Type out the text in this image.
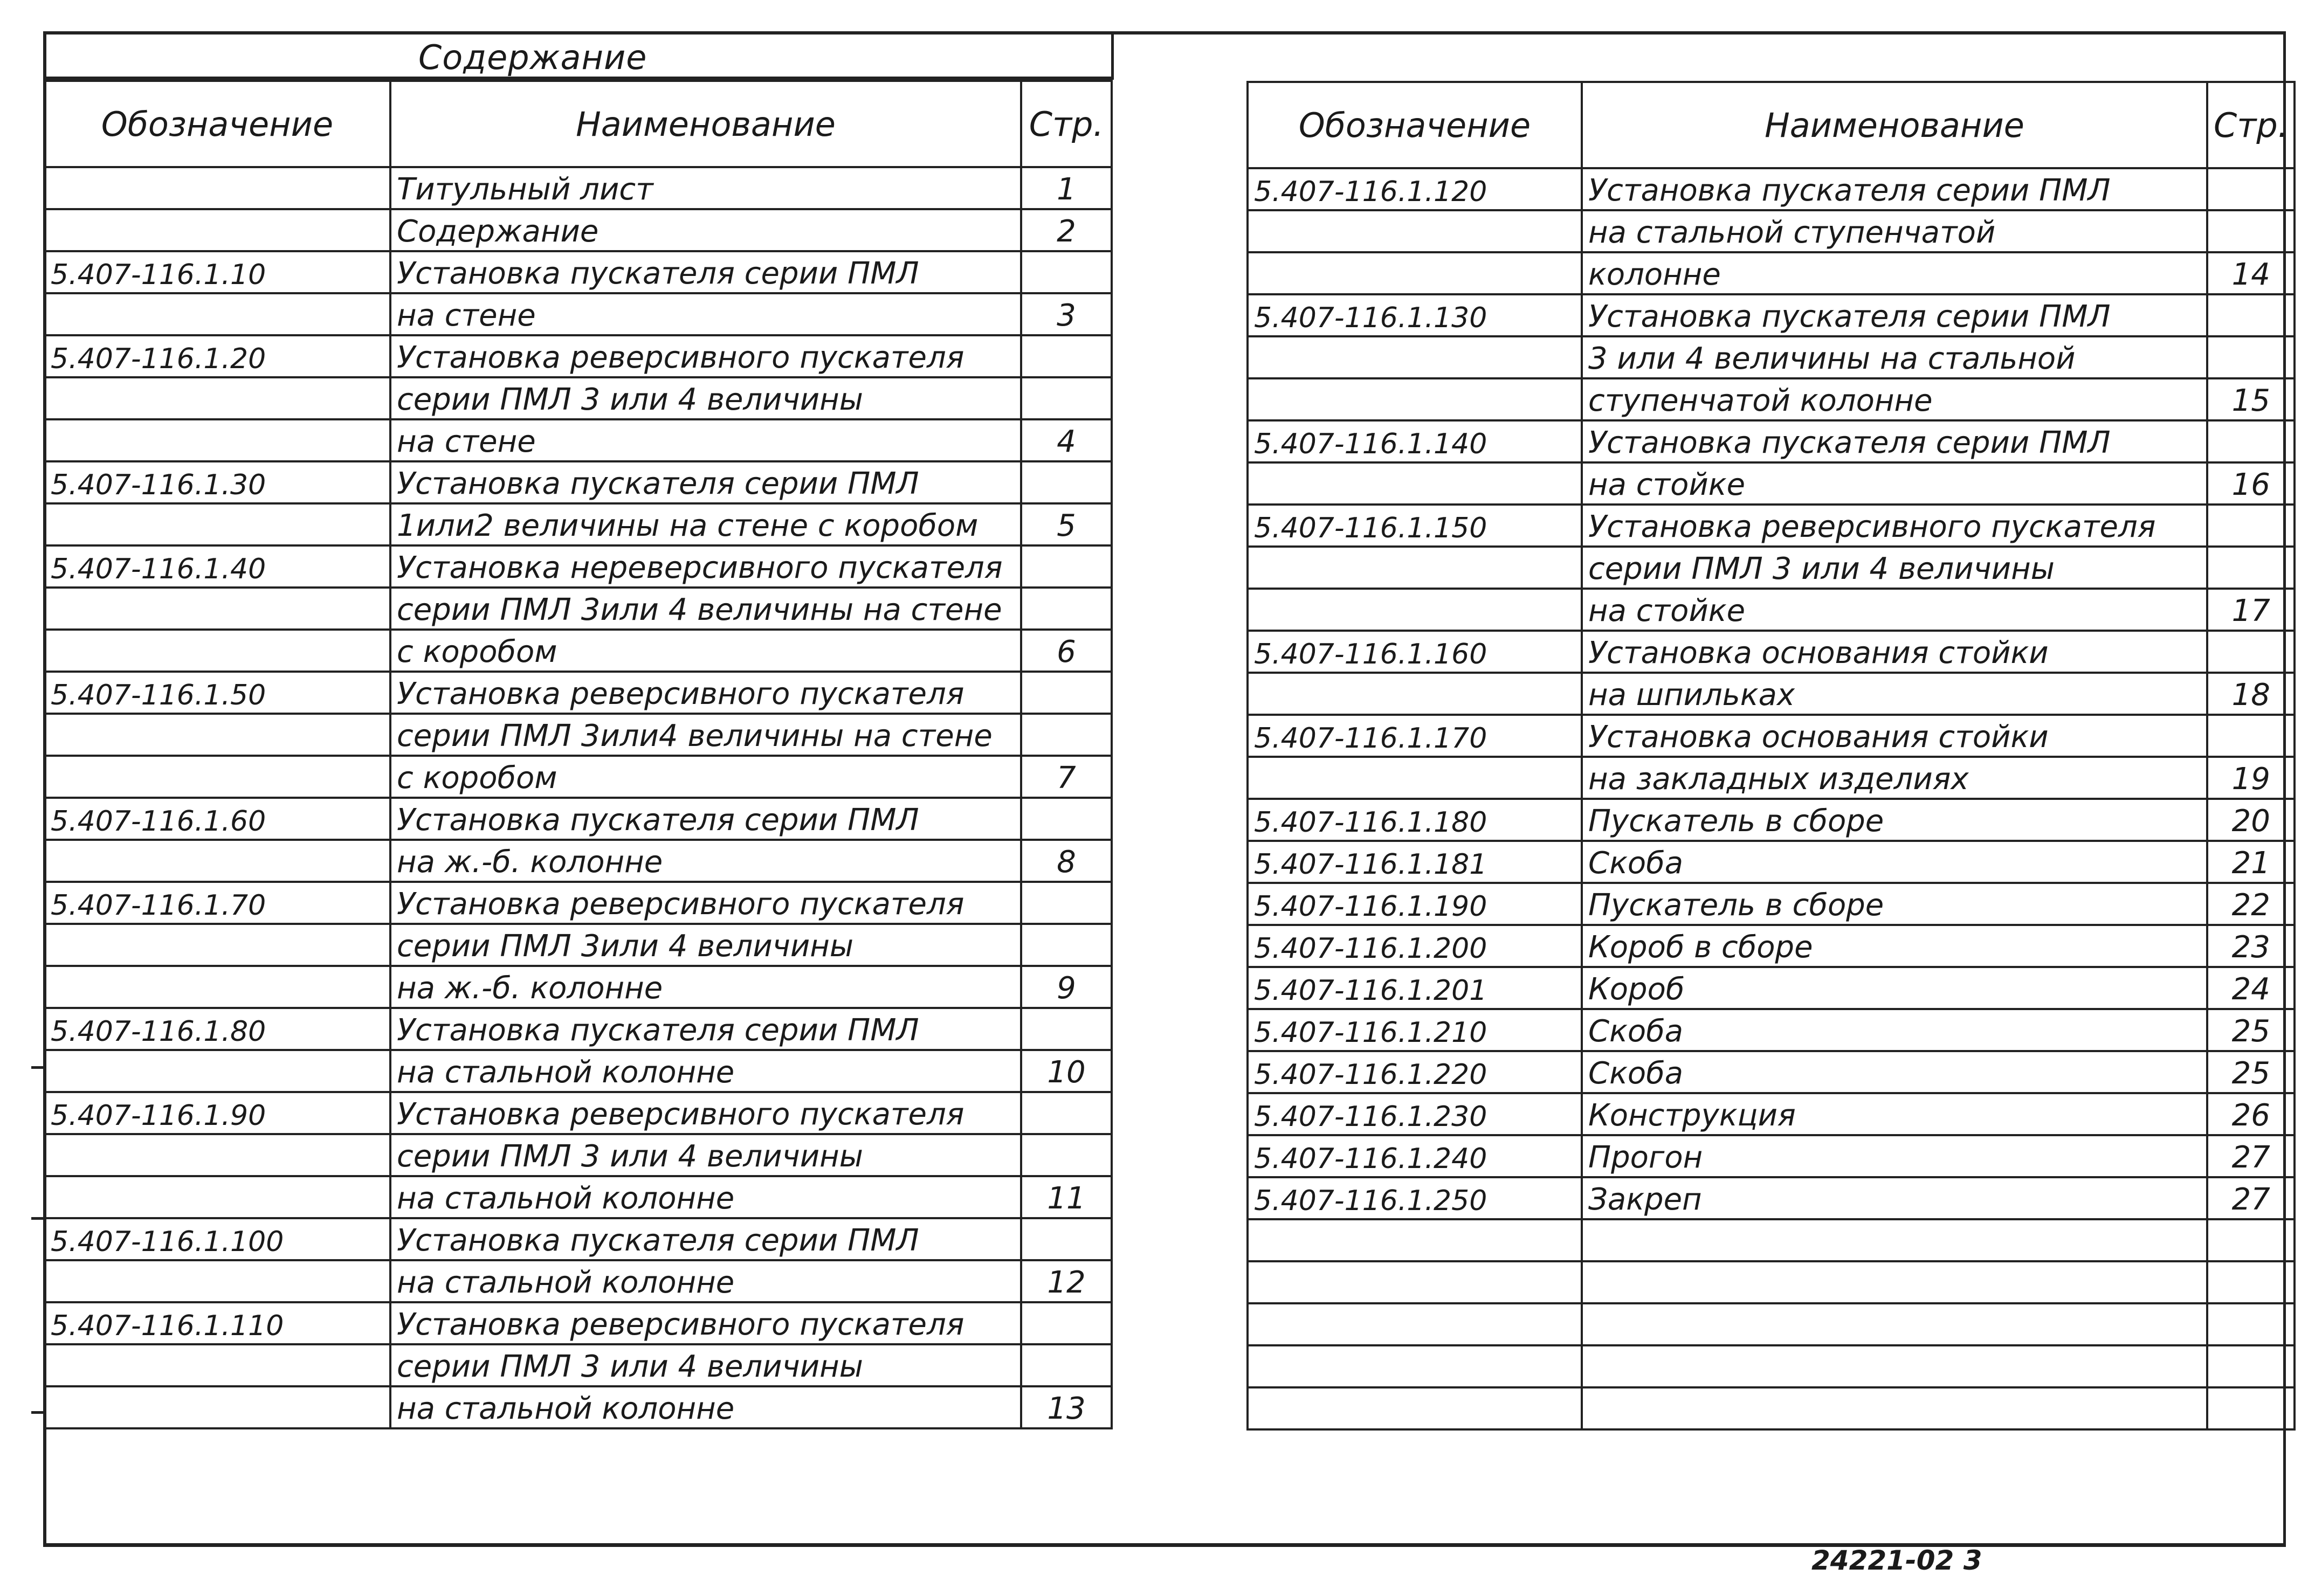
Содержание
Обозначение	Наименование	Стр.
	Титульный лист	1
	Содержание	2
5.407-116.1.10	Установка пускателя серии ПМЛ	
	на стене	3
5.407-116.1.20	Установка реверсивного пускателя	
	серии ПМЛ 3 или 4 величины	
	на стене	4
5.407-116.1.30	Установка пускателя серии ПМЛ	
	1или2 величины на стене с коробом	5
5.407-116.1.40	Установка нереверсивного пускателя	
	серии ПМЛ 3или 4 величины на стене	
	с коробом	6
5.407-116.1.50	Установка реверсивного пускателя	
	серии ПМЛ 3или4 величины на стене	
	с коробом	7
5.407-116.1.60	Установка пускателя серии ПМЛ	
	на ж.-б. колонне	8
5.407-116.1.70	Установка реверсивного пускателя	
	серии ПМЛ 3или 4 величины	
	на ж.-б. колонне	9
5.407-116.1.80	Установка пускателя серии ПМЛ	
	на стальной колонне	10
5.407-116.1.90	Установка реверсивного пускателя	
	серии ПМЛ 3 или 4 величины	
	на стальной колонне	11
5.407-116.1.100	Установка пускателя серии ПМЛ	
	на стальной колонне	12
5.407-116.1.110	Установка реверсивного пускателя	
	серии ПМЛ 3 или 4 величины	
	на стальной колонне	13
Обозначение	Наименование	Стр.
5.407-116.1.120	Установка пускателя серии ПМЛ	
	на стальной ступенчатой	
	колонне	14
5.407-116.1.130	Установка пускателя серии ПМЛ	
	3 или 4 величины на стальной	
	ступенчатой колонне	15
5.407-116.1.140	Установка пускателя серии ПМЛ	
	на стойке	16
5.407-116.1.150	Установка реверсивного пускателя	
	серии ПМЛ 3 или 4 величины	
	на стойке	17
5.407-116.1.160	Установка основания стойки	
	на шпильках	18
5.407-116.1.170	Установка основания стойки	
	на закладных изделиях	19
5.407-116.1.180	Пускатель в сборе	20
5.407-116.1.181	Скоба	21
5.407-116.1.190	Пускатель в сборе	22
5.407-116.1.200	Короб в сборе	23
5.407-116.1.201	Короб	24
5.407-116.1.210	Скоба	25
5.407-116.1.220	Скоба	25
5.407-116.1.230	Конструкция	26
5.407-116.1.240	Прогон	27
5.407-116.1.250	Закреп	27

24221-02 3
